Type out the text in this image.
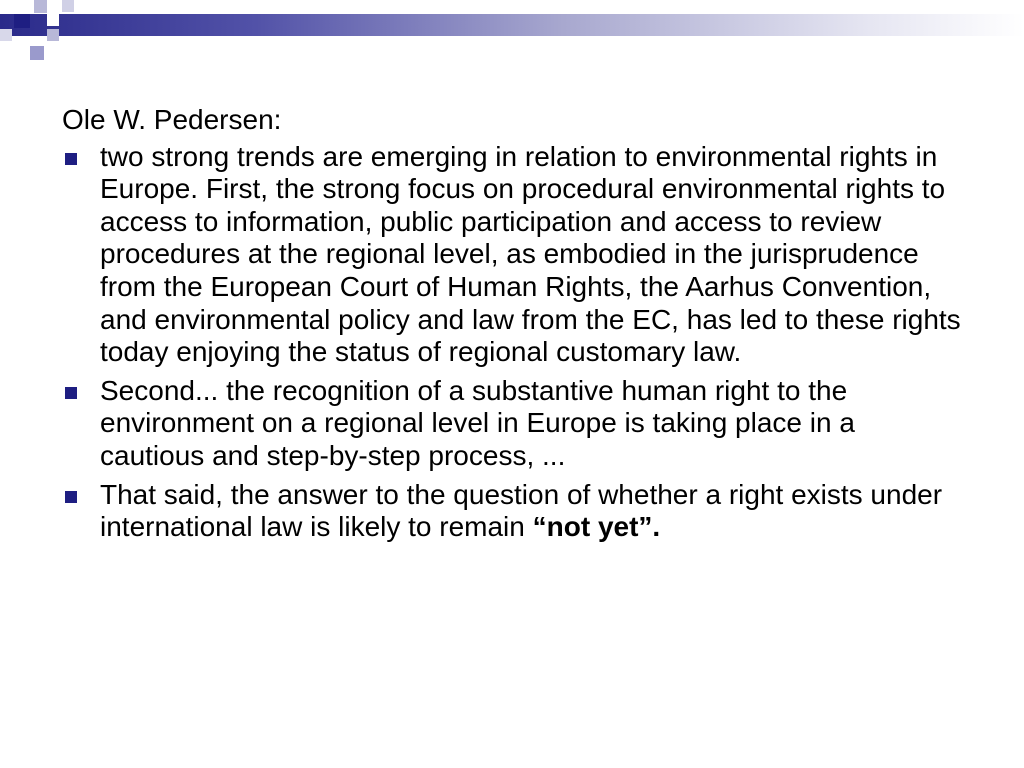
Ole W. Pedersen:
two strong trends are emerging in relation to environmental rights in Europe. First, the strong focus on procedural environmental rights to access to information, public participation and access to review procedures at the regional level, as embodied in the jurisprudence from the European Court of Human Rights, the Aarhus Convention, and environmental policy and law from the EC, has led to these rights today enjoying the status of regional customary law.
Second... the recognition of a substantive human right to the environment on a regional level in Europe is taking place in a cautious and step-by-step process, ...
That said, the answer to the question of whether a right exists under international law is likely to remain “not yet”.
